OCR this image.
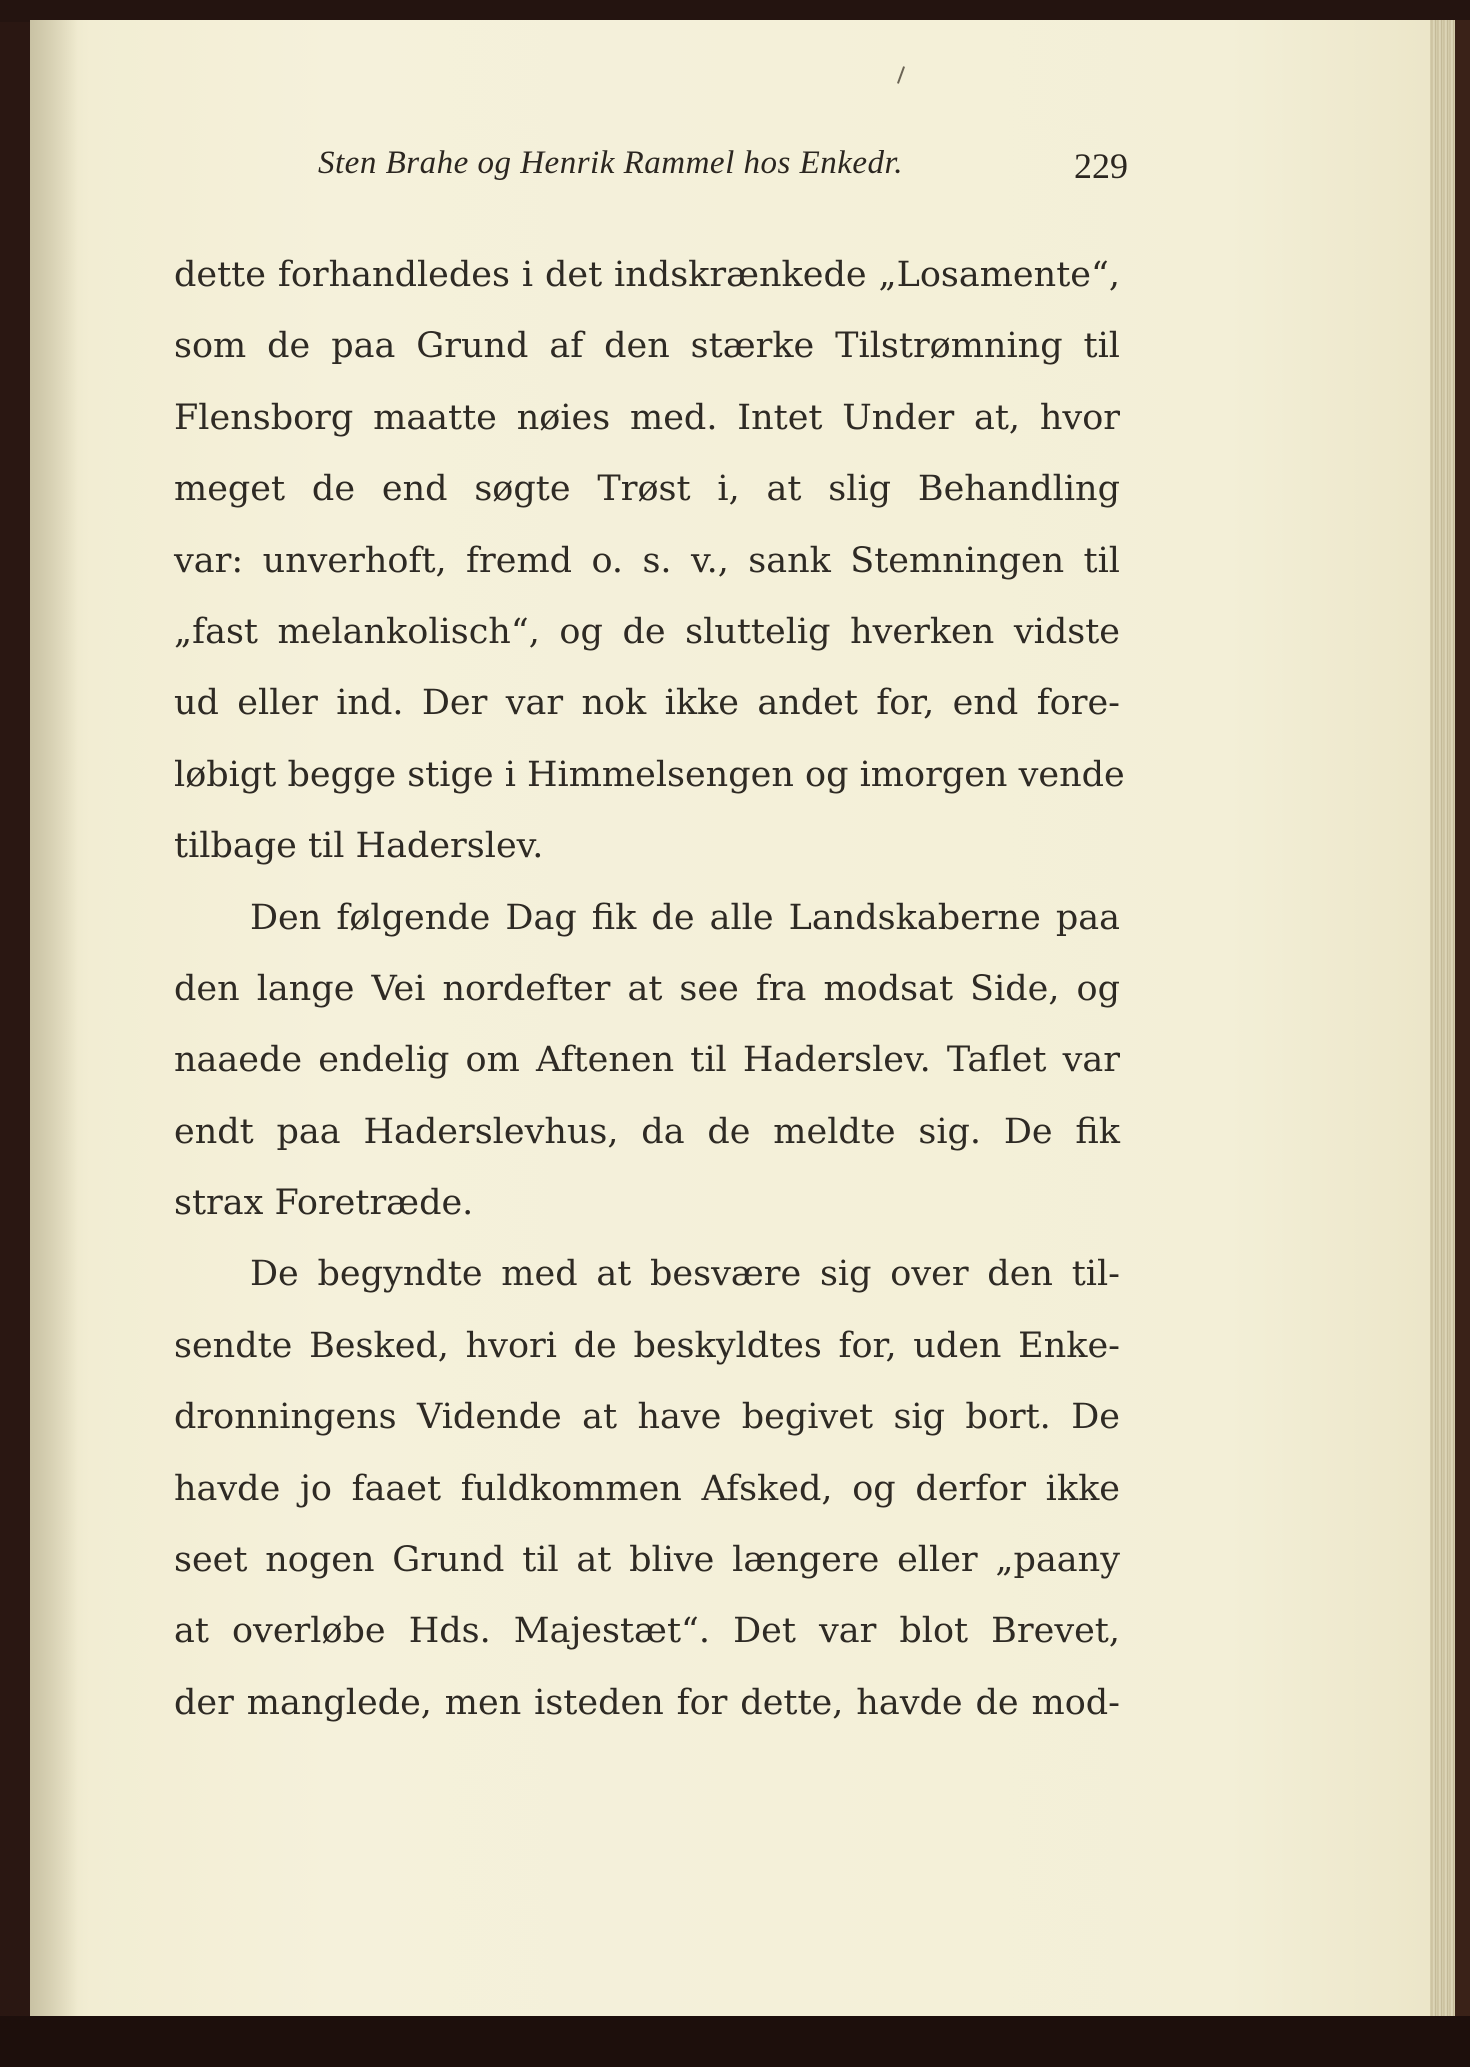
Sten Brahe og Henrik Rammel hos Enkedr.	229
dette forhandledes i det indskrænkede „Losamente“,
som de paa Grund af den stærke Tilstrømning til
Flensborg maatte nøies med. Intet Under at, hvor
meget de end søgte Trøst i, at slig Behandling
var: unverhoft, fremd o. s. v., sank Stemningen til
„fast melankolisch“, og de sluttelig hverken vidste
ud eller ind. Der var nok ikke andet for, end fore-
løbigt begge stige i Himmelsengen og imorgen vende
tilbage til Haderslev.
Den følgende Dag fik de alle Landskaberne paa
den lange Vei nordefter at see fra modsat Side, og
naaede endelig om Aftenen til Haderslev. Taflet var
endt paa Haderslevhus, da de meldte sig. De fik
strax Foretræde.
De begyndte med at besvære sig over den til-
sendte Besked, hvori de beskyldtes for, uden Enke-
dronningens Vidende at have begivet sig bort. De
havde jo faaet fuldkommen Afsked, og derfor ikke
seet nogen Grund til at blive længere eller „paany
at overløbe Hds. Majestæt“. Det var blot Brevet,
der manglede, men isteden for dette, havde de mod-
